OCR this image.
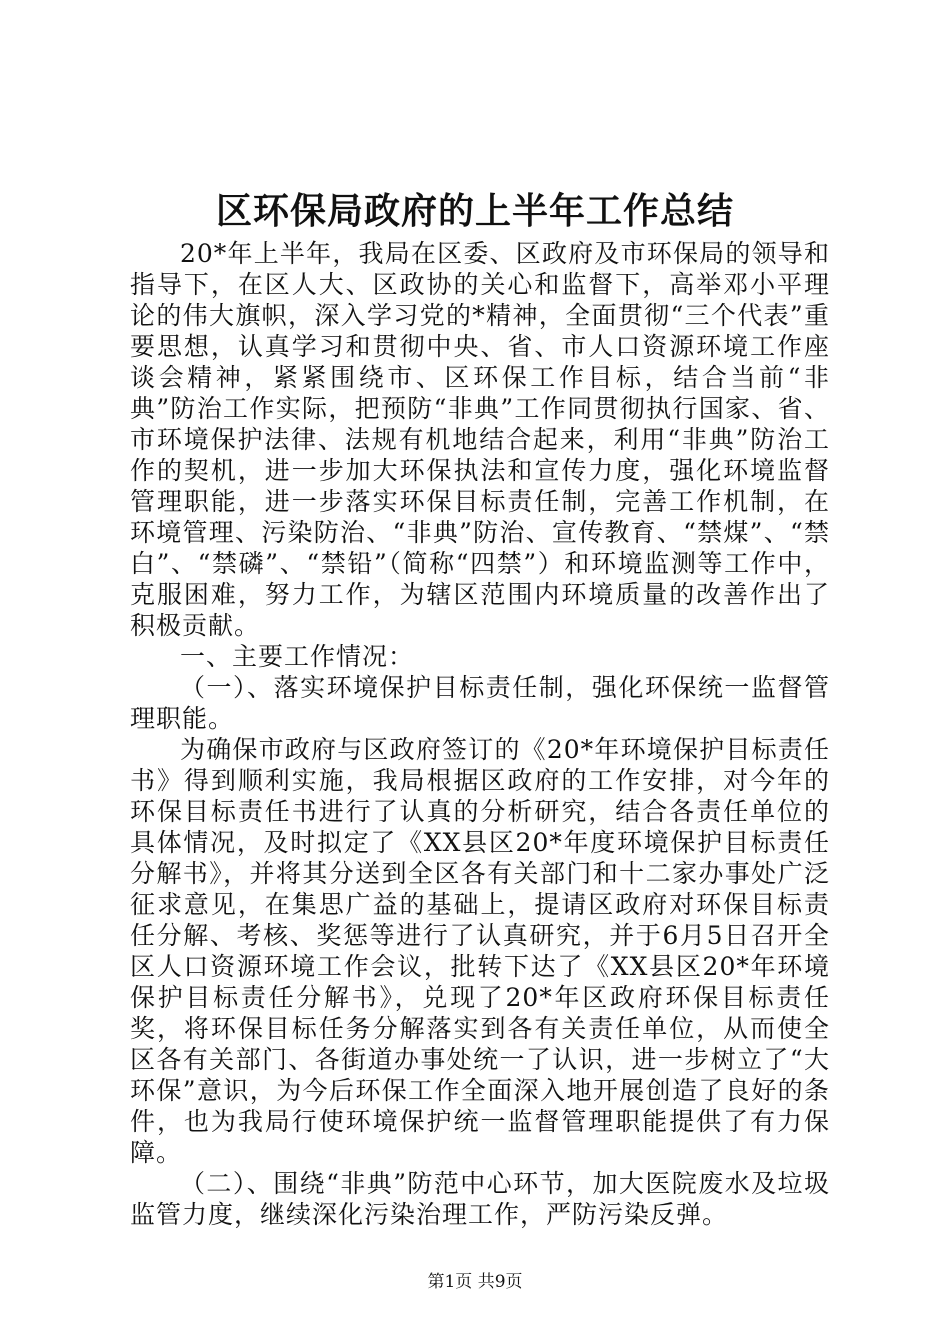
区环保局政府的上半年工作总结

20*年上半年，我局在区委、区政府及市环保局的领导和指导下，在区人大、区政协的关心和监督下，高举邓小平理论的伟大旗帜，深入学习党的*精神，全面贯彻“三个代表”重要思想，认真学习和贯彻中央、省、市人口资源环境工作座谈会精神，紧紧围绕市、区环保工作目标，结合当前“非典”防治工作实际，把预防“非典”工作同贯彻执行国家、省、市环境保护法律、法规有机地结合起来，利用“非典”防治工作的契机，进一步加大环保执法和宣传力度，强化环境监督管理职能，进一步落实环保目标责任制，完善工作机制，在环境管理、污染防治、“非典”防治、宣传教育、“禁煤”、“禁白”、“禁磷”、“禁铅”（简称“四禁”）和环境监测等工作中，克服困难，努力工作，为辖区范围内环境质量的改善作出了积极贡献。

一、主要工作情况：

（一）、落实环境保护目标责任制，强化环保统一监督管理职能。

为确保市政府与区政府签订的《20*年环境保护目标责任书》得到顺利实施，我局根据区政府的工作安排，对今年的环保目标责任书进行了认真的分析研究，结合各责任单位的具体情况，及时拟定了《XX县区20*年度环境保护目标责任分解书》，并将其分送到全区各有关部门和十二家办事处广泛征求意见，在集思广益的基础上，提请区政府对环保目标责任分解、考核、奖惩等进行了认真研究，并于6月5日召开全区人口资源环境工作会议，批转下达了《XX县区20*年环境保护目标责任分解书》，兑现了20*年区政府环保目标责任奖，将环保目标任务分解落实到各有关责任单位，从而使全区各有关部门、各街道办事处统一了认识，进一步树立了“大环保”意识，为今后环保工作全面深入地开展创造了良好的条件，也为我局行使环境保护统一监督管理职能提供了有力保障。

（二）、围绕“非典”防范中心环节，加大医院废水及垃圾监管力度，继续深化污染治理工作，严防污染反弹。

第1页 共9页
